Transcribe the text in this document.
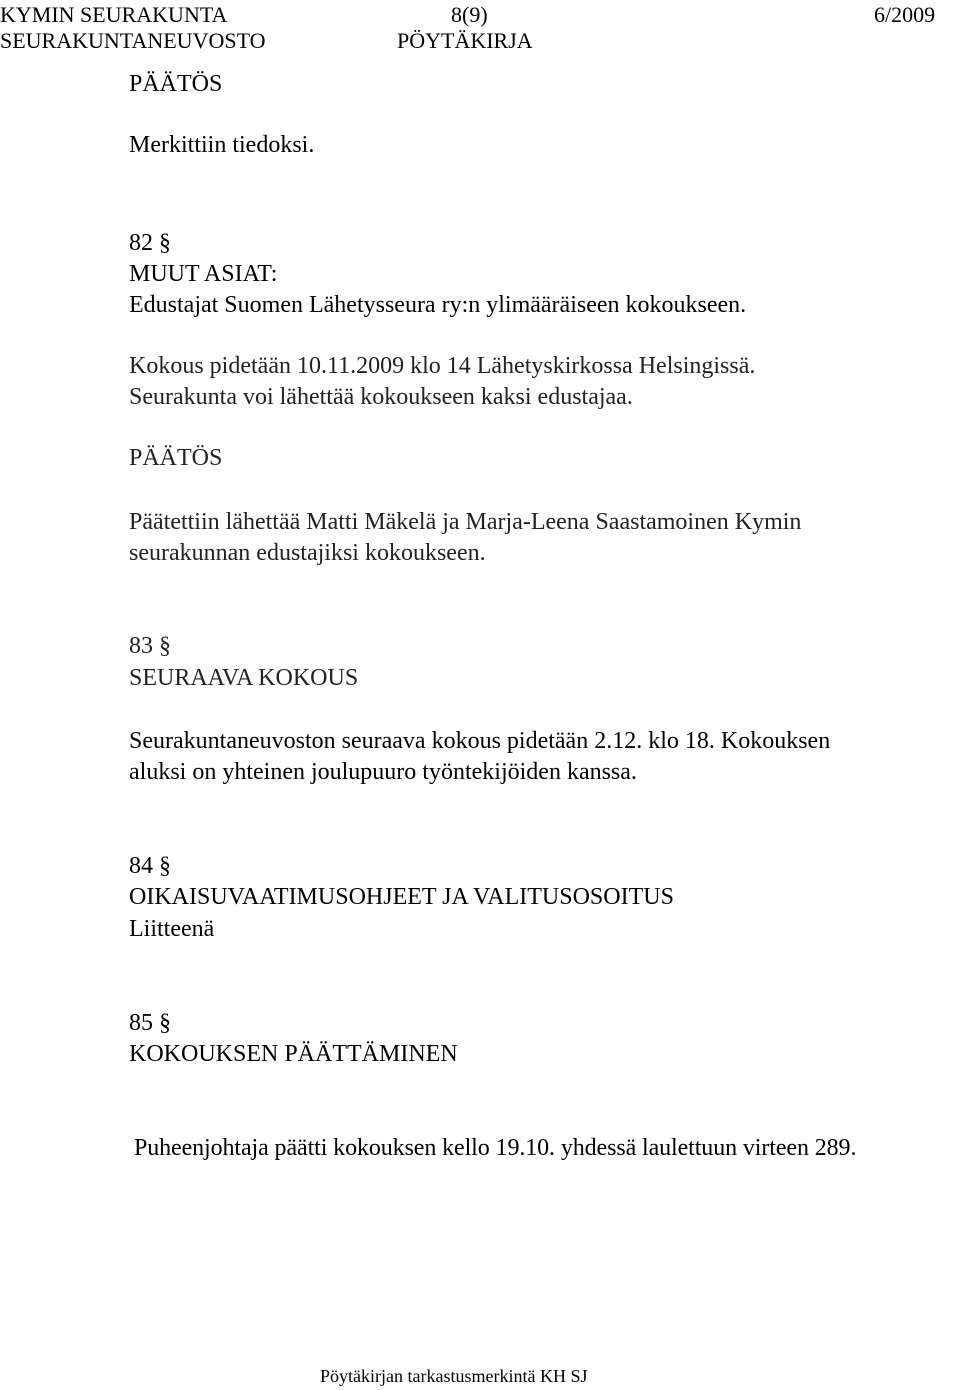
KYMIN SEURAKUNTA	8(9)	6/2009
SEURAKUNTANEUVOSTO	PÖYTÄKIRJA
PÄÄTÖS
Merkittiin tiedoksi.
82 §
MUUT ASIAT:
Edustajat Suomen Lähetysseura ry:n ylimääräiseen kokoukseen.
Kokous pidetään 10.11.2009 klo 14 Lähetyskirkossa Helsingissä.
Seurakunta voi lähettää kokoukseen kaksi edustajaa.
PÄÄTÖS
Päätettiin lähettää Matti Mäkelä ja Marja-Leena Saastamoinen Kymin
seurakunnan edustajiksi kokoukseen.
83 §
SEURAAVA KOKOUS
Seurakuntaneuvoston seuraava kokous pidetään 2.12. klo 18. Kokouksen
aluksi on yhteinen joulupuuro työntekijöiden kanssa.
84 §
OIKAISUVAATIMUSOHJEET JA VALITUSOSOITUS
Liitteenä
85 §
KOKOUKSEN PÄÄTTÄMINEN
Puheenjohtaja päätti kokouksen kello 19.10. yhdessä laulettuun virteen 289.
Pöytäkirjan tarkastusmerkintä KH SJ
